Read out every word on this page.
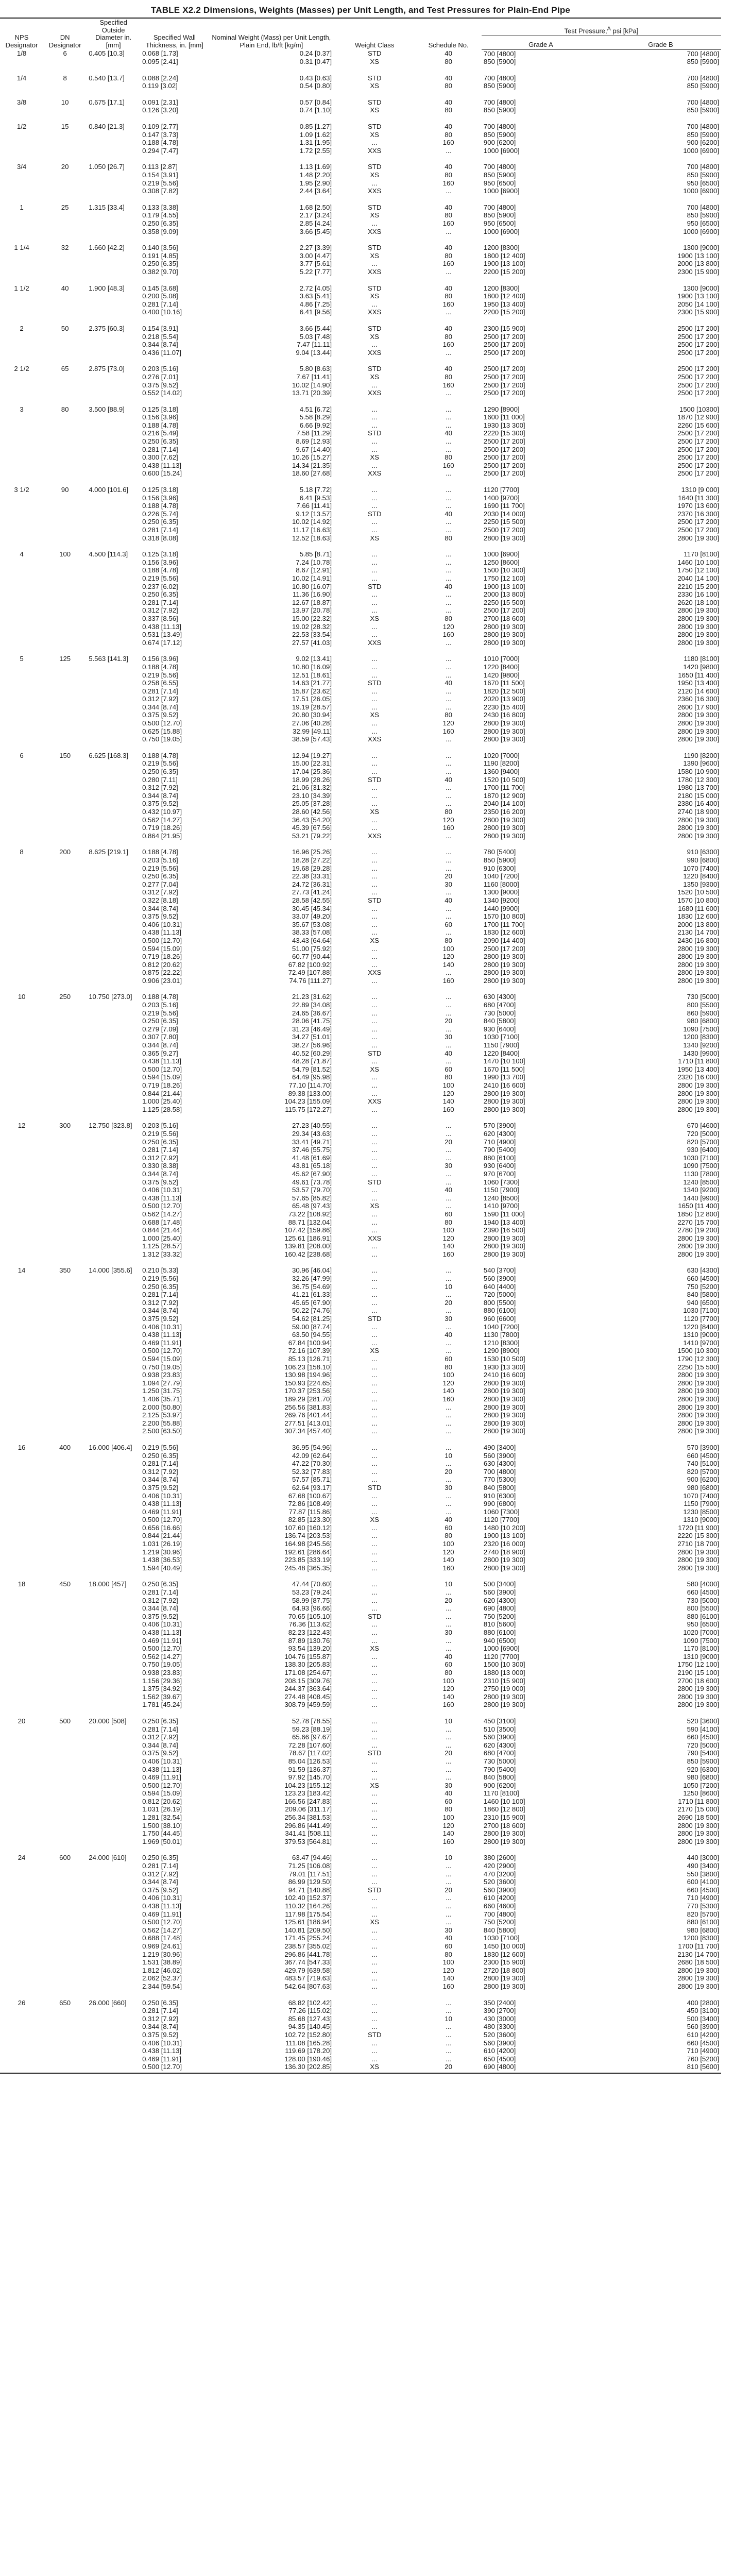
TABLE X2.2 Dimensions, Weights (Masses) per Unit Length, and Test Pressures for Plain-End Pipe
NPS Designator	DN Designator	Specified Outside Diameter in. [mm]	Specified Wall Thickness, in. [mm]	Nominal Weight (Mass) per Unit Length, Plain End, lb/ft [kg/m]	Weight Class	Schedule No.	Test Pressure,$^A$ psi [kPa]	
							Grade A	Grade B
1/8	6	0.405 [10.3]	0.068 [1.73]	0.24 [0.37]	STD	40	700 [4800]	700 [4800]
			0.095 [2.41]	0.31 [0.47]	XS	80	850 [5900]	850 [5900]
1/4	8	0.540 [13.7]	0.088 [2.24]	0.43 [0.63]	STD	40	700 [4800]	700 [4800]
			0.119 [3.02]	0.54 [0.80]	XS	80	850 [5900]	850 [5900]
3/8	10	0.675 [17.1]	0.091 [2.31]	0.57 [0.84]	STD	40	700 [4800]	700 [4800]
			0.126 [3.20]	0.74 [1.10]	XS	80	850 [5900]	850 [5900]
1/2	15	0.840 [21.3]	0.109 [2.77]	0.85 [1.27]	STD	40	700 [4800]	700 [4800]
			0.147 [3.73]	1.09 [1.62]	XS	80	850 [5900]	850 [5900]
			0.188 [4.78]	1.31 [1.95]	...	160	900 [6200]	900 [6200]
			0.294 [7.47]	1.72 [2.55]	XXS	...	1000 [6900]	1000 [6900]
3/4	20	1.050 [26.7]	0.113 [2.87]	1.13 [1.69]	STD	40	700 [4800]	700 [4800]
			0.154 [3.91]	1.48 [2.20]	XS	80	850 [5900]	850 [5900]
			0.219 [5.56]	1.95 [2.90]	...	160	950 [6500]	950 [6500]
			0.308 [7.82]	2.44 [3.64]	XXS	...	1000 [6900]	1000 [6900]
1	25	1.315 [33.4]	0.133 [3.38]	1.68 [2.50]	STD	40	700 [4800]	700 [4800]
			0.179 [4.55]	2.17 [3.24]	XS	80	850 [5900]	850 [5900]
			0.250 [6.35]	2.85 [4.24]	...	160	950 [6500]	950 [6500]
			0.358 [9.09]	3.66 [5.45]	XXS	...	1000 [6900]	1000 [6900]
1 1/4	32	1.660 [42.2]	0.140 [3.56]	2.27 [3.39]	STD	40	1200 [8300]	1300 [9000]
			0.191 [4.85]	3.00 [4.47]	XS	80	1800 [12 400]	1900 [13 100]
			0.250 [6.35]	3.77 [5.61]	...	160	1900 [13 100]	2000 [13 800]
			0.382 [9.70]	5.22 [7.77]	XXS	...	2200 [15 200]	2300 [15 900]
1 1/2	40	1.900 [48.3]	0.145 [3.68]	2.72 [4.05]	STD	40	1200 [8300]	1300 [9000]
			0.200 [5.08]	3.63 [5.41]	XS	80	1800 [12 400]	1900 [13 100]
			0.281 [7.14]	4.86 [7.25]	...	160	1950 [13 400]	2050 [14 100]
			0.400 [10.16]	6.41 [9.56]	XXS	...	2200 [15 200]	2300 [15 900]
2	50	2.375 [60.3]	0.154 [3.91]	3.66 [5.44]	STD	40	2300 [15 900]	2500 [17 200]
			0.218 [5.54]	5.03 [7.48]	XS	80	2500 [17 200]	2500 [17 200]
			0.344 [8.74]	7.47 [11.11]	...	160	2500 [17 200]	2500 [17 200]
			0.436 [11.07]	9.04 [13.44]	XXS	...	2500 [17 200]	2500 [17 200]
2 1/2	65	2.875 [73.0]	0.203 [5.16]	5.80 [8.63]	STD	40	2500 [17 200]	2500 [17 200]
			0.276 [7.01]	7.67 [11.41]	XS	80	2500 [17 200]	2500 [17 200]
			0.375 [9.52]	10.02 [14.90]	...	160	2500 [17 200]	2500 [17 200]
			0.552 [14.02]	13.71 [20.39]	XXS	...	2500 [17 200]	2500 [17 200]
3	80	3.500 [88.9]	0.125 [3.18]	4.51 [6.72]	...	...	1290 [8900]	1500 [10300]
			0.156 [3.96]	5.58 [8.29]	...	...	1600 [11 000]	1870 [12 900]
			0.188 [4.78]	6.66 [9.92]	...	...	1930 [13 300]	2260 [15 600]
			0.216 [5.49]	7.58 [11.29]	STD	40	2220 [15 300]	2500 [17 200]
			0.250 [6.35]	8.69 [12.93]	...	...	2500 [17 200]	2500 [17 200]
			0.281 [7.14]	9.67 [14.40]	...	...	2500 [17 200]	2500 [17 200]
			0.300 [7.62]	10.26 [15.27]	XS	80	2500 [17 200]	2500 [17 200]
			0.438 [11.13]	14.34 [21.35]	...	160	2500 [17 200]	2500 [17 200]
			0.600 [15.24]	18.60 [27.68]	XXS	...	2500 [17 200]	2500 [17 200]
3 1/2	90	4.000 [101.6]	0.125 [3.18]	5.18 [7.72]	...	...	1120 [7700]	1310 [9 000]
			0.156 [3.96]	6.41 [9.53]	...	...	1400 [9700]	1640 [11 300]
			0.188 [4.78]	7.66 [11.41]	...	...	1690 [11 700]	1970 [13 600]
			0.226 [5.74]	9.12 [13.57]	STD	40	2030 [14 000]	2370 [16 300]
			0.250 [6.35]	10.02 [14.92]	...	...	2250 [15 500]	2500 [17 200]
			0.281 [7.14]	11.17 [16.63]	...	...	2500 [17 200]	2500 [17 200]
			0.318 [8.08]	12.52 [18.63]	XS	80	2800 [19 300]	2800 [19 300]
4	100	4.500 [114.3]	0.125 [3.18]	5.85 [8.71]	...	...	1000 [6900]	1170 [8100]
			0.156 [3.96]	7.24 [10.78]	...	...	1250 [8600]	1460 [10 100]
			0.188 [4.78]	8.67 [12.91]	...	...	1500 [10 300]	1750 [12 100]
			0.219 [5.56]	10.02 [14.91]	...	...	1750 [12 100]	2040 [14 100]
			0.237 [6.02]	10.80 [16.07]	STD	40	1900 [13 100]	2210 [15 200]
			0.250 [6.35]	11.36 [16.90]	...	...	2000 [13 800]	2330 [16 100]
			0.281 [7.14]	12.67 [18.87]	...	...	2250 [15 500]	2620 [18 100]
			0.312 [7.92]	13.97 [20.78]	...	...	2500 [17 200]	2800 [19 300]
			0.337 [8.56]	15.00 [22.32]	XS	80	2700 [18 600]	2800 [19 300]
			0.438 [11.13]	19.02 [28.32]	...	120	2800 [19 300]	2800 [19 300]
			0.531 [13.49]	22.53 [33.54]	...	160	2800 [19 300]	2800 [19 300]
			0.674 [17.12]	27.57 [41.03]	XXS	...	2800 [19 300]	2800 [19 300]
5	125	5.563 [141.3]	0.156 [3.96]	9.02 [13.41]	...	...	1010 [7000]	1180 [8100]
			0.188 [4.78]	10.80 [16.09]	...	...	1220 [8400]	1420 [9800]
			0.219 [5.56]	12.51 [18.61]	...	...	1420 [9800]	1650 [11 400]
			0.258 [6.55]	14.63 [21.77]	STD	40	1670 [11 500]	1950 [13 400]
			0.281 [7.14]	15.87 [23.62]	...	...	1820 [12 500]	2120 [14 600]
			0.312 [7.92]	17.51 [26.05]	...	...	2020 [13 900]	2360 [16 300]
			0.344 [8.74]	19.19 [28.57]	...	...	2230 [15 400]	2600 [17 900]
			0.375 [9.52]	20.80 [30.94]	XS	80	2430 [16 800]	2800 [19 300]
			0.500 [12.70]	27.06 [40.28]	...	120	2800 [19 300]	2800 [19 300]
			0.625 [15.88]	32.99 [49.11]	...	160	2800 [19 300]	2800 [19 300]
			0.750 [19.05]	38.59 [57.43]	XXS	...	2800 [19 300]	2800 [19 300]
6	150	6.625 [168.3]	0.188 [4.78]	12.94 [19.27]	...	...	1020 [7000]	1190 [8200]
			0.219 [5.56]	15.00 [22.31]	...	...	1190 [8200]	1390 [9600]
			0.250 [6.35]	17.04 [25.36]	...	...	1360 [9400]	1580 [10 900]
			0.280 [7.11]	18.99 [28.26]	STD	40	1520 [10 500]	1780 [12 300]
			0.312 [7.92]	21.06 [31.32]	...	...	1700 [11 700]	1980 [13 700]
			0.344 [8.74]	23.10 [34.39]	...	...	1870 [12 900]	2180 [15 000]
			0.375 [9.52]	25.05 [37.28]	...	...	2040 [14 100]	2380 [16 400]
			0.432 [10.97]	28.60 [42.56]	XS	80	2350 [16 200]	2740 [18 900]
			0.562 [14.27]	36.43 [54.20]	...	120	2800 [19 300]	2800 [19 300]
			0.719 [18.26]	45.39 [67.56]	...	160	2800 [19 300]	2800 [19 300]
			0.864 [21.95]	53.21 [79.22]	XXS	...	2800 [19 300]	2800 [19 300]
8	200	8.625 [219.1]	0.188 [4.78]	16.96 [25.26]	...	...	780 [5400]	910 [6300]
			0.203 [5.16]	18.28 [27.22]	...	...	850 [5900]	990 [6800]
			0.219 [5.56]	19.68 [29.28]	...	...	910 [6300]	1070 [7400]
			0.250 [6.35]	22.38 [33.31]	...	20	1040 [7200]	1220 [8400]
			0.277 [7.04]	24.72 [36.31]	...	30	1160 [8000]	1350 [9300]
			0.312 [7.92]	27.73 [41.24]	...	...	1300 [9000]	1520 [10 500]
			0.322 [8.18]	28.58 [42.55]	STD	40	1340 [9200]	1570 [10 800]
			0.344 [8.74]	30.45 [45.34]	...	...	1440 [9900]	1680 [11 600]
			0.375 [9.52]	33.07 [49.20]	...	...	1570 [10 800]	1830 [12 600]
			0.406 [10.31]	35.67 [53.08]	...	60	1700 [11 700]	2000 [13 800]
			0.438 [11.13]	38.33 [57.08]	...	...	1830 [12 600]	2130 [14 700]
			0.500 [12.70]	43.43 [64.64]	XS	80	2090 [14 400]	2430 [16 800]
			0.594 [15.09]	51.00 [75.92]	...	100	2500 [17 200]	2800 [19 300]
			0.719 [18.26]	60.77 [90.44]	...	120	2800 [19 300]	2800 [19 300]
			0.812 [20.62]	67.82 [100.92]	...	140	2800 [19 300]	2800 [19 300]
			0.875 [22.22]	72.49 [107.88]	XXS	...	2800 [19 300]	2800 [19 300]
			0.906 [23.01]	74.76 [111.27]	...	160	2800 [19 300]	2800 [19 300]
10	250	10.750 [273.0]	0.188 [4.78]	21.23 [31.62]	...	...	630 [4300]	730 [5000]
			0.203 [5.16]	22.89 [34.08]	...	...	680 [4700]	800 [5500]
			0.219 [5.56]	24.65 [36.67]	...	...	730 [5000]	860 [5900]
			0.250 [6.35]	28.06 [41.75]	...	20	840 [5800]	980 [6800]
			0.279 [7.09]	31.23 [46.49]	...	...	930 [6400]	1090 [7500]
			0.307 [7.80]	34.27 [51.01]	...	30	1030 [7100]	1200 [8300]
			0.344 [8.74]	38.27 [56.96]	...	...	1150 [7900]	1340 [9200]
			0.365 [9.27]	40.52 [60.29]	STD	40	1220 [8400]	1430 [9900]
			0.438 [11.13]	48.28 [71.87]	...	...	1470 [10 100]	1710 [11 800]
			0.500 [12.70]	54.79 [81.52]	XS	60	1670 [11 500]	1950 [13 400]
			0.594 [15.09]	64.49 [95.98]	...	80	1990 [13 700]	2320 [16 000]
			0.719 [18.26]	77.10 [114.70]	...	100	2410 [16 600]	2800 [19 300]
			0.844 [21.44]	89.38 [133.00]	...	120	2800 [19 300]	2800 [19 300]
			1.000 [25.40]	104.23 [155.09]	XXS	140	2800 [19 300]	2800 [19 300]
			1.125 [28.58]	115.75 [172.27]	...	160	2800 [19 300]	2800 [19 300]
12	300	12.750 [323.8]	0.203 [5.16]	27.23 [40.55]	...	...	570 [3900]	670 [4600]
			0.219 [5.56]	29.34 [43.63]	...	...	620 [4300]	720 [5000]
			0.250 [6.35]	33.41 [49.71]	...	20	710 [4900]	820 [5700]
			0.281 [7.14]	37.46 [55.75]	...	...	790 [5400]	930 [6400]
			0.312 [7.92]	41.48 [61.69]	...	...	880 [6100]	1030 [7100]
			0.330 [8.38]	43.81 [65.18]	...	30	930 [6400]	1090 [7500]
			0.344 [8.74]	45.62 [67.90]	...	...	970 [6700]	1130 [7800]
			0.375 [9.52]	49.61 [73.78]	STD	...	1060 [7300]	1240 [8500]
			0.406 [10.31]	53.57 [79.70]	...	40	1150 [7900]	1340 [9200]
			0.438 [11.13]	57.65 [85.82]	...	...	1240 [8500]	1440 [9900]
			0.500 [12.70]	65.48 [97.43]	XS	...	1410 [9700]	1650 [11 400]
			0.562 [14.27]	73.22 [108.92]	...	60	1590 [11 000]	1850 [12 800]
			0.688 [17.48]	88.71 [132.04]	...	80	1940 [13 400]	2270 [15 700]
			0.844 [21.44]	107.42 [159.86]	...	100	2390 [16 500]	2780 [19 200]
			1.000 [25.40]	125.61 [186.91]	XXS	120	2800 [19 300]	2800 [19 300]
			1.125 [28.57]	139.81 [208.00]	...	140	2800 [19 300]	2800 [19 300]
			1.312 [33.32]	160.42 [238.68]	...	160	2800 [19 300]	2800 [19 300]
14	350	14.000 [355.6]	0.210 [5.33]	30.96 [46.04]	...	...	540 [3700]	630 [4300]
			0.219 [5.56]	32.26 [47.99]	...	...	560 [3900]	660 [4500]
			0.250 [6.35]	36.75 [54.69]	...	10	640 [4400]	750 [5200]
			0.281 [7.14]	41.21 [61.33]	...	...	720 [5000]	840 [5800]
			0.312 [7.92]	45.65 [67.90]	...	20	800 [5500]	940 [6500]
			0.344 [8.74]	50.22 [74.76]	...	...	880 [6100]	1030 [7100]
			0.375 [9.52]	54.62 [81.25]	STD	30	960 [6600]	1120 [7700]
			0.406 [10.31]	59.00 [87.74]	...	...	1040 [7200]	1220 [8400]
			0.438 [11.13]	63.50 [94.55]	...	40	1130 [7800]	1310 [9000]
			0.469 [11.91]	67.84 [100.94]	...	...	1210 [8300]	1410 [9700]
			0.500 [12.70]	72.16 [107.39]	XS	...	1290 [8900]	1500 [10 300]
			0.594 [15.09]	85.13 [126.71]	...	60	1530 [10 500]	1790 [12 300]
			0.750 [19.05]	106.23 [158.10]	...	80	1930 [13 300]	2250 [15 500]
			0.938 [23.83]	130.98 [194.96]	...	100	2410 [16 600]	2800 [19 300]
			1.094 [27.79]	150.93 [224.65]	...	120	2800 [19 300]	2800 [19 300]
			1.250 [31.75]	170.37 [253.56]	...	140	2800 [19 300]	2800 [19 300]
			1.406 [35.71]	189.29 [281.70]	...	160	2800 [19 300]	2800 [19 300]
			2.000 [50.80]	256.56 [381.83]	...	...	2800 [19 300]	2800 [19 300]
			2.125 [53.97]	269.76 [401.44]	...	...	2800 [19 300]	2800 [19 300]
			2.200 [55.88]	277.51 [413.01]	...	...	2800 [19 300]	2800 [19 300]
			2.500 [63.50]	307.34 [457.40]	...	...	2800 [19 300]	2800 [19 300]
16	400	16.000 [406.4]	0.219 [5.56]	36.95 [54.96]	...	...	490 [3400]	570 [3900]
			0.250 [6.35]	42.09 [62.64]	...	10	560 [3900]	660 [4500]
			0.281 [7.14]	47.22 [70.30]	...	...	630 [4300]	740 [5100]
			0.312 [7.92]	52.32 [77.83]	...	20	700 [4800]	820 [5700]
			0.344 [8.74]	57.57 [85.71]	...	...	770 [5300]	900 [6200]
			0.375 [9.52]	62.64 [93.17]	STD	30	840 [5800]	980 [6800]
			0.406 [10.31]	67.68 [100.67]	...	...	910 [6300]	1070 [7400]
			0.438 [11.13]	72.86 [108.49]	...	...	990 [6800]	1150 [7900]
			0.469 [11.91]	77.87 [115.86]	...	...	1060 [7300]	1230 [8500]
			0.500 [12.70]	82.85 [123.30]	XS	40	1120 [7700]	1310 [9000]
			0.656 [16.66]	107.60 [160.12]	...	60	1480 [10 200]	1720 [11 900]
			0.844 [21.44]	136.74 [203.53]	...	80	1900 [13 100]	2220 [15 300]
			1.031 [26.19]	164.98 [245.56]	...	100	2320 [16 000]	2710 [18 700]
			1.219 [30.96]	192.61 [286.64]	...	120	2740 [18 900]	2800 [19 300]
			1.438 [36.53]	223.85 [333.19]	...	140	2800 [19 300]	2800 [19 300]
			1.594 [40.49]	245.48 [365.35]	...	160	2800 [19 300]	2800 [19 300]
18	450	18.000 [457]	0.250 [6.35]	47.44 [70.60]	...	10	500 [3400]	580 [4000]
			0.281 [7.14]	53.23 [79.24]	...	...	560 [3900]	660 [4500]
			0.312 [7.92]	58.99 [87.75]	...	20	620 [4300]	730 [5000]
			0.344 [8.74]	64.93 [96.66]	...	...	690 [4800]	800 [5500]
			0.375 [9.52]	70.65 [105.10]	STD	...	750 [5200]	880 [6100]
			0.406 [10.31]	76.36 [113.62]	...	...	810 [5600]	950 [6500]
			0.438 [11.13]	82.23 [122.43]	...	30	880 [6100]	1020 [7000]
			0.469 [11.91]	87.89 [130.76]	...	...	940 [6500]	1090 [7500]
			0.500 [12.70]	93.54 [139.20]	XS	...	1000 [6900]	1170 [8100]
			0.562 [14.27]	104.76 [155.87]	...	40	1120 [7700]	1310 [9000]
			0.750 [19.05]	138.30 [205.83]	...	60	1500 [10 300]	1750 [12 100]
			0.938 [23.83]	171.08 [254.67]	...	80	1880 [13 000]	2190 [15 100]
			1.156 [29.36]	208.15 [309.76]	...	100	2310 [15 900]	2700 [18 600]
			1.375 [34.92]	244.37 [363.64]	...	120	2750 [19 000]	2800 [19 300]
			1.562 [39.67]	274.48 [408.45]	...	140	2800 [19 300]	2800 [19 300]
			1.781 [45.24]	308.79 [459.59]	...	160	2800 [19 300]	2800 [19 300]
20	500	20.000 [508]	0.250 [6.35]	52.78 [78.55]	...	10	450 [3100]	520 [3600]
			0.281 [7.14]	59.23 [88.19]	...	...	510 [3500]	590 [4100]
			0.312 [7.92]	65.66 [97.67]	...	...	560 [3900]	660 [4500]
			0.344 [8.74]	72.28 [107.60]	...	...	620 [4300]	720 [5000]
			0.375 [9.52]	78.67 [117.02]	STD	20	680 [4700]	790 [5400]
			0.406 [10.31]	85.04 [126.53]	...	...	730 [5000]	850 [5900]
			0.438 [11.13]	91.59 [136.37]	...	...	790 [5400]	920 [6300]
			0.469 [11.91]	97.92 [145.70]	...	...	840 [5800]	980 [6800]
			0.500 [12.70]	104.23 [155.12]	XS	30	900 [6200]	1050 [7200]
			0.594 [15.09]	123.23 [183.42]	...	40	1170 [8100]	1250 [8600]
			0.812 [20.62]	166.56 [247.83]	...	60	1460 [10 100]	1710 [11 800]
			1.031 [26.19]	209.06 [311.17]	...	80	1860 [12 800]	2170 [15 000]
			1.281 [32.54]	256.34 [381.53]	...	100	2310 [15 900]	2690 [18 500]
			1.500 [38.10]	296.86 [441.49]	...	120	2700 [18 600]	2800 [19 300]
			1.750 [44.45]	341.41 [508.11]	...	140	2800 [19 300]	2800 [19 300]
			1.969 [50.01]	379.53 [564.81]	...	160	2800 [19 300]	2800 [19 300]
24	600	24.000 [610]	0.250 [6.35]	63.47 [94.46]	...	10	380 [2600]	440 [3000]
			0.281 [7.14]	71.25 [106.08]	...	...	420 [2900]	490 [3400]
			0.312 [7.92]	79.01 [117.51]	...	...	470 [3200]	550 [3800]
			0.344 [8.74]	86.99 [129.50]	...	...	520 [3600]	600 [4100]
			0.375 [9.52]	94.71 [140.88]	STD	20	560 [3900]	660 [4500]
			0.406 [10.31]	102.40 [152.37]	...	...	610 [4200]	710 [4900]
			0.438 [11.13]	110.32 [164.26]	...	...	660 [4600]	770 [5300]
			0.469 [11.91]	117.98 [175.54]	...	...	700 [4800]	820 [5700]
			0.500 [12.70]	125.61 [186.94]	XS	...	750 [5200]	880 [6100]
			0.562 [14.27]	140.81 [209.50]	...	30	840 [5800]	980 [6800]
			0.688 [17.48]	171.45 [255.24]	...	40	1030 [7100]	1200 [8300]
			0.969 [24.61]	238.57 [355.02]	...	60	1450 [10 000]	1700 [11 700]
			1.219 [30.96]	296.86 [441.78]	...	80	1830 [12 600]	2130 [14 700]
			1.531 [38.89]	367.74 [547.33]	...	100	2300 [15 900]	2680 [18 500]
			1.812 [46.02]	429.79 [639.58]	...	120	2720 [18 800]	2800 [19 300]
			2.062 [52.37]	483.57 [719.63]	...	140	2800 [19 300]	2800 [19 300]
			2.344 [59.54]	542.64 [807.63]	...	160	2800 [19 300]	2800 [19 300]
26	650	26.000 [660]	0.250 [6.35]	68.82 [102.42]	...	...	350 [2400]	400 [2800]
			0.281 [7.14]	77.26 [115.02]	...	...	390 [2700]	450 [3100]
			0.312 [7.92]	85.68 [127.43]	...	10	430 [3000]	500 [3400]
			0.344 [8.74]	94.35 [140.45]	...	...	480 [3300]	560 [3900]
			0.375 [9.52]	102.72 [152.80]	STD	...	520 [3600]	610 [4200]
			0.406 [10.31]	111.08 [165.28]	...	...	560 [3900]	660 [4500]
			0.438 [11.13]	119.69 [178.20]	...	...	610 [4200]	710 [4900]
			0.469 [11.91]	128.00 [190.46]	...	...	650 [4500]	760 [5200]
			0.500 [12.70]	136.30 [202.85]	XS	20	690 [4800]	810 [5600]
